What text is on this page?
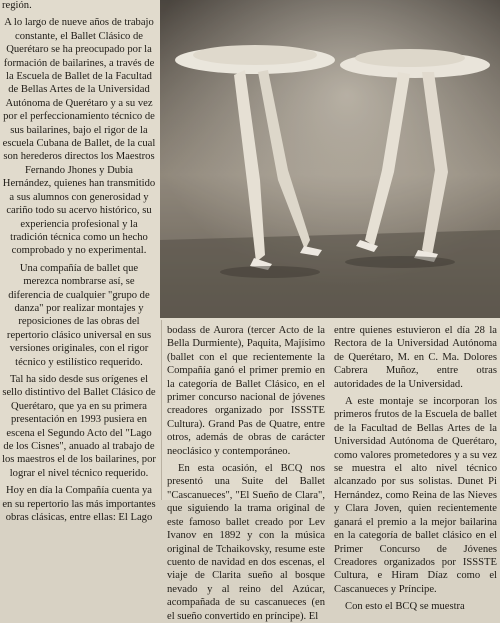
región.

A lo largo de nueve años de trabajo constante, el Ballet Clásico de Querétaro se ha preocupado por la formación de bailarines, a través de la Escuela de Ballet de la Facultad de Bellas Artes de la Universidad Autónoma de Querétaro y a su vez por el perfeccionamiento técnico de sus bailarines, bajo el rigor de la escuela Cubana de Ballet, de la cual son herederos directos los Maestros Fernando Jhones y Dubia Hernández, quienes han transmitido a sus alumnos con generosidad y cariño todo su acervo histórico, su experiencia profesional y la tradición técnica como un hecho comprobado y no experimental.

Una compañía de ballet que merezca nombrarse así, se diferencia de cualquier "grupo de danza" por realizar montajes y reposiciones de las obras del repertorio clásico universal en sus versiones originales, con el rigor técnico y estilístico requerido.

Tal ha sido desde sus orígenes el sello distintivo del Ballet Clásico de Querétaro, que ya en su primera presentación en 1993 pusiera en escena el Segundo Acto del "Lago de los Cisnes", anuado al trabajo de los maestros el de los bailarines, por lograr el nivel técnico requerido.

Hoy en día la Compañía cuenta ya en su repertorio las más importantes obras clásicas, entre ellas: El Lago

bodass de Aurora (tercer Acto de la Bella Durmiente), Paquita, Majísimo (ballet con el que recientemente la Compañía ganó el primer premio en la categoría de Ballet Clásico, en el primer concurso nacional de jóvenes creadores organizado por ISSSTE Cultura). Grand Pas de Quatre, entre otros, además de obras de carácter neoclásico y contemporáneo.

En esta ocasión, el BCQ nos presentó una Suite del Ballet "Cascanueces", "El Sueño de Clara", que siguiendo la trama original de este famoso ballet creado por Lev Ivanov en 1892 y con la música original de Tchaikovsky, resume este cuento de navidad en dos escenas, el viaje de Clarita sueño al bosque nevado y al reino del Azúcar, acompañada de su cascanueces (en el sueño convertido en príncipe). El

entre quienes estuvieron el día 28 la Rectora de la Universidad Autónoma de Querétaro, M. en C. Ma. Dolores Cabrera Muñoz, entre otras autoridades de la Universidad.

A este montaje se incorporan los primeros frutos de la Escuela de ballet de la Facultad de Bellas Artes de la Universidad Autónoma de Querétaro, como valores prometedores y a su vez se muestra el alto nivel técnico alcanzado por sus solistas. Dunet Pi Hernández, como Reina de las Nieves y Clara Joven, quien recientemente ganará el premio a la mejor bailarina en la categoría de ballet clásico en el Primer Concurso de Jóvenes Creadores organizados por ISSSTE Cultura, e Hiram Díaz como el Cascanueces y Príncipe.

Con esto el BCQ se muestra
